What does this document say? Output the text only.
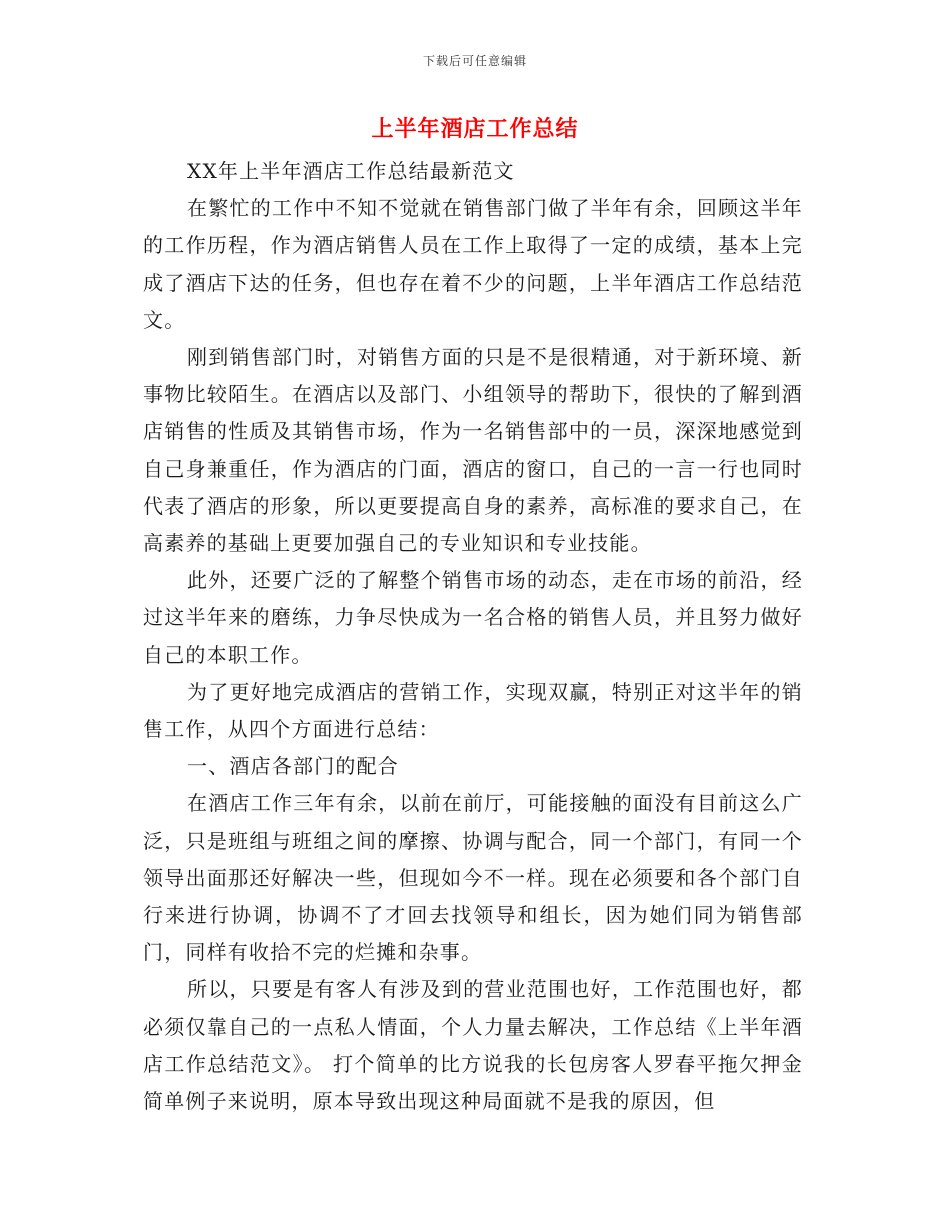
下载后可任意编辑
上半年酒店工作总结

XX年上半年酒店工作总结最新范文

在繁忙的工作中不知不觉就在销售部门做了半年有余，回顾这半年的工作历程，作为酒店销售人员在工作上取得了一定的成绩，基本上完成了酒店下达的任务，但也存在着不少的问题，上半年酒店工作总结范文。

刚到销售部门时，对销售方面的只是不是很精通，对于新环境、新事物比较陌生。在酒店以及部门、小组领导的帮助下，很快的了解到酒店销售的性质及其销售市场，作为一名销售部中的一员，深深地感觉到自己身兼重任，作为酒店的门面，酒店的窗口，自己的一言一行也同时代表了酒店的形象，所以更要提高自身的素养，高标准的要求自己，在高素养的基础上更要加强自己的专业知识和专业技能。

此外，还要广泛的了解整个销售市场的动态，走在市场的前沿，经过这半年来的磨练，力争尽快成为一名合格的销售人员，并且努力做好自己的本职工作。

为了更好地完成酒店的营销工作，实现双赢，特别正对这半年的销售工作，从四个方面进行总结：

一、酒店各部门的配合

在酒店工作三年有余，以前在前厅，可能接触的面没有目前这么广泛，只是班组与班组之间的摩擦、协调与配合，同一个部门，有同一个领导出面那还好解决一些，但现如今不一样。现在必须要和各个部门自行来进行协调，协调不了才回去找领导和组长，因为她们同为销售部门，同样有收拾不完的烂摊和杂事。

所以，只要是有客人有涉及到的营业范围也好，工作范围也好，都必须仅靠自己的一点私人情面，个人力量去解决，工作总结《上半年酒店工作总结范文》。 打个简单的比方说我的长包房客人罗春平拖欠押金简单例子来说明，原本导致出现这种局面就不是我的原因，但
